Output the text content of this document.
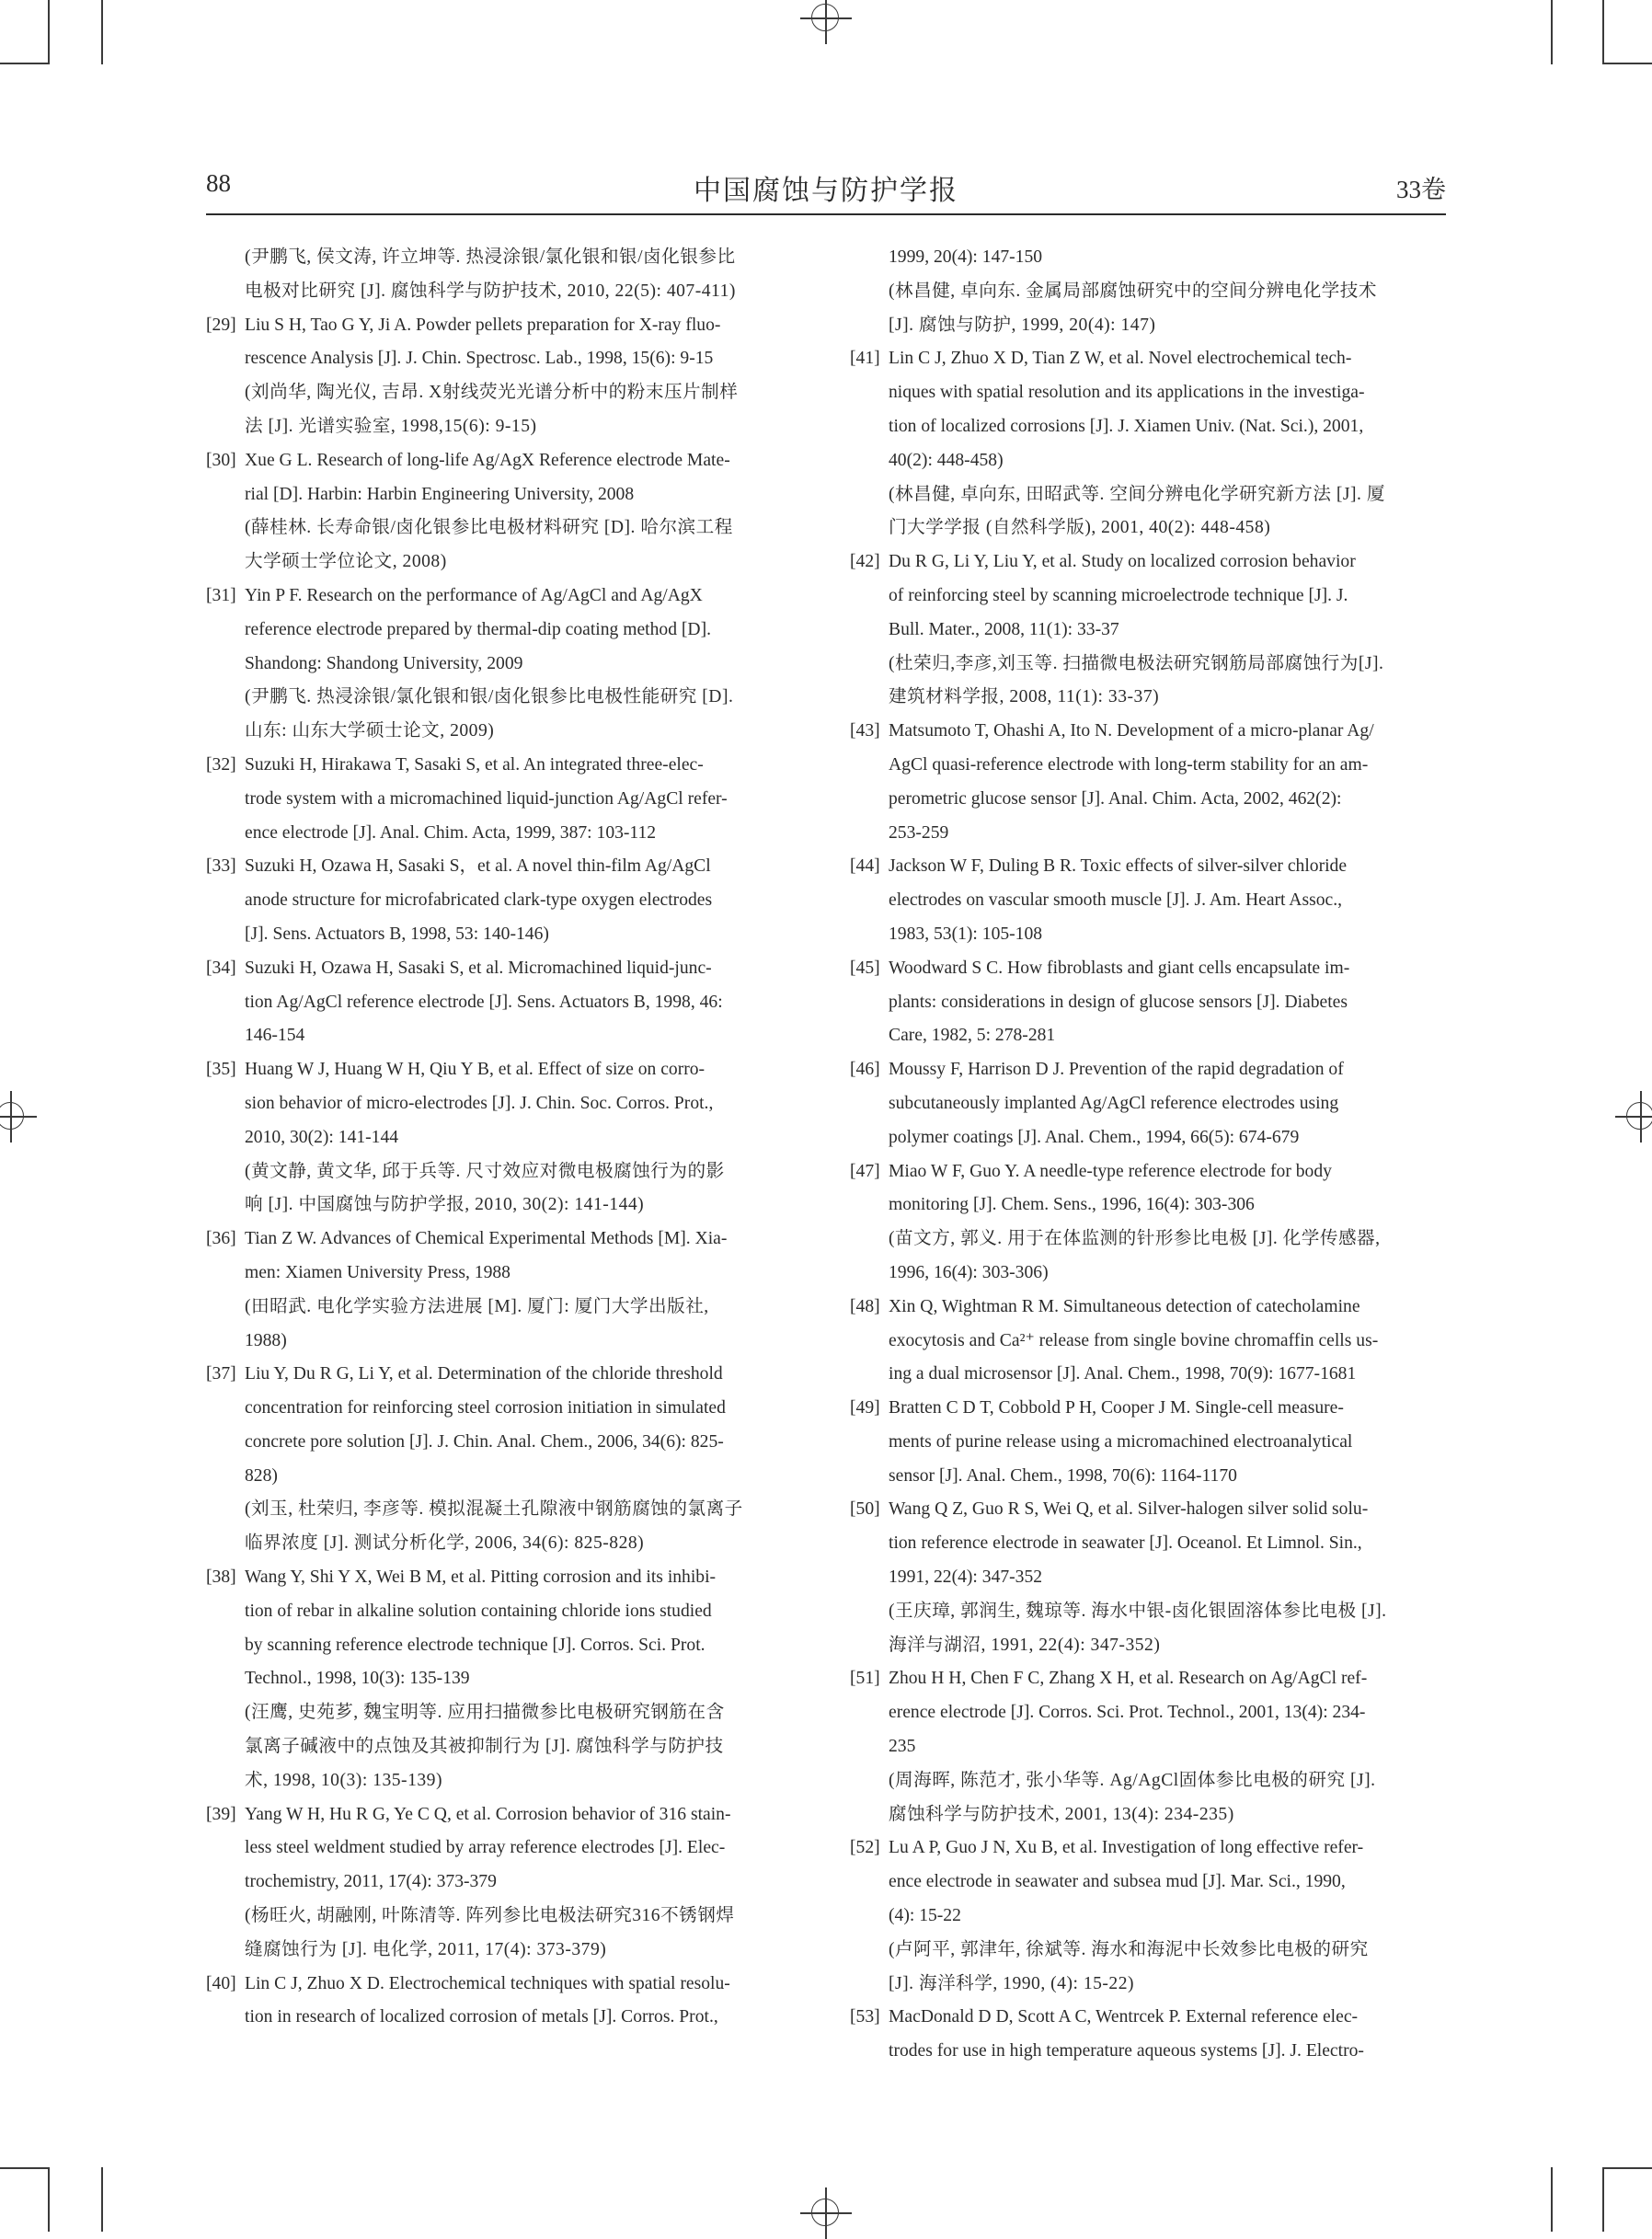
88	中国腐蚀与防护学报	33卷

(尹鹏飞, 侯文涛, 许立坤等. 热浸涂银/氯化银和银/卤化银参比

电极对比研究 [J]. 腐蚀科学与防护技术, 2010, 22(5): 407-411)

[29] Liu S H, Tao G Y, Ji A. Powder pellets preparation for X-ray fluo-

rescence Analysis [J]. J. Chin. Spectrosc. Lab., 1998, 15(6): 9-15

(刘尚华, 陶光仪, 吉昂. X射线荧光光谱分析中的粉末压片制样

法 [J]. 光谱实验室, 1998,15(6): 9-15)

[30] Xue G L. Research of long-life Ag/AgX Reference electrode Mate-

rial [D]. Harbin: Harbin Engineering University, 2008

(薛桂林. 长寿命银/卤化银参比电极材料研究 [D]. 哈尔滨工程

大学硕士学位论文, 2008)

[31] Yin P F. Research on the performance of Ag/AgCl and Ag/AgX

reference electrode prepared by thermal-dip coating method [D].

Shandong: Shandong University, 2009

(尹鹏飞. 热浸涂银/氯化银和银/卤化银参比电极性能研究 [D].

山东: 山东大学硕士论文, 2009)

[32] Suzuki H, Hirakawa T, Sasaki S, et al. An integrated three-elec-

trode system with a micromachined liquid-junction Ag/AgCl refer-

ence electrode [J]. Anal. Chim. Acta, 1999, 387: 103-112

[33] Suzuki H, Ozawa H, Sasaki S，et al. A novel thin-film Ag/AgCl

anode structure for microfabricated clark-type oxygen electrodes

[J]. Sens. Actuators B, 1998, 53: 140-146)

[34] Suzuki H, Ozawa H, Sasaki S, et al. Micromachined liquid-junc-

tion Ag/AgCl reference electrode [J]. Sens. Actuators B, 1998, 46:

146-154

[35] Huang W J, Huang W H, Qiu Y B, et al. Effect of size on corro-

sion behavior of micro-electrodes [J]. J. Chin. Soc. Corros. Prot.,

2010, 30(2): 141-144

(黄文静, 黄文华, 邱于兵等. 尺寸效应对微电极腐蚀行为的影

响 [J]. 中国腐蚀与防护学报, 2010, 30(2): 141-144)

[36] Tian Z W. Advances of Chemical Experimental Methods [M]. Xia-

men: Xiamen University Press, 1988

(田昭武. 电化学实验方法进展 [M]. 厦门: 厦门大学出版社,

1988)

[37] Liu Y, Du R G, Li Y, et al. Determination of the chloride threshold

concentration for reinforcing steel corrosion initiation in simulated

concrete pore solution [J]. J. Chin. Anal. Chem., 2006, 34(6): 825-

828)

(刘玉, 杜荣归, 李彦等. 模拟混凝土孔隙液中钢筋腐蚀的氯离子

临界浓度 [J]. 测试分析化学, 2006, 34(6): 825-828)

[38] Wang Y, Shi Y X, Wei B M, et al. Pitting corrosion and its inhibi-

tion of rebar in alkaline solution containing chloride ions studied

by scanning reference electrode technique [J]. Corros. Sci. Prot.

Technol., 1998, 10(3): 135-139

(汪鹰, 史苑芗, 魏宝明等. 应用扫描微参比电极研究钢筋在含

氯离子碱液中的点蚀及其被抑制行为 [J]. 腐蚀科学与防护技

术, 1998, 10(3): 135-139)

[39] Yang W H, Hu R G, Ye C Q, et al. Corrosion behavior of 316 stain-

less steel weldment studied by array reference electrodes [J]. Elec-

trochemistry, 2011, 17(4): 373-379

(杨旺火, 胡融刚, 叶陈清等. 阵列参比电极法研究316不锈钢焊

缝腐蚀行为 [J]. 电化学, 2011, 17(4): 373-379)

[40] Lin C J, Zhuo X D. Electrochemical techniques with spatial resolu-

tion in research of localized corrosion of metals [J]. Corros. Prot.,

1999, 20(4): 147-150

(林昌健, 卓向东. 金属局部腐蚀研究中的空间分辨电化学技术

[J]. 腐蚀与防护, 1999, 20(4): 147)

[41] Lin C J, Zhuo X D, Tian Z W, et al. Novel electrochemical tech-

niques with spatial resolution and its applications in the investiga-

tion of localized corrosions [J]. J. Xiamen Univ. (Nat. Sci.), 2001,

40(2): 448-458)

(林昌健, 卓向东, 田昭武等. 空间分辨电化学研究新方法 [J]. 厦

门大学学报 (自然科学版), 2001, 40(2): 448-458)

[42] Du R G, Li Y, Liu Y, et al. Study on localized corrosion behavior

of reinforcing steel by scanning microelectrode technique [J]. J.

Bull. Mater., 2008, 11(1): 33-37

(杜荣归,李彦,刘玉等. 扫描微电极法研究钢筋局部腐蚀行为[J].

建筑材料学报, 2008, 11(1): 33-37)

[43] Matsumoto T, Ohashi A, Ito N. Development of a micro-planar Ag/

AgCl quasi-reference electrode with long-term stability for an am-

perometric glucose sensor [J]. Anal. Chim. Acta, 2002, 462(2):

253-259

[44] Jackson W F, Duling B R. Toxic effects of silver-silver chloride

electrodes on vascular smooth muscle [J]. J. Am. Heart Assoc.,

1983, 53(1): 105-108

[45] Woodward S C. How fibroblasts and giant cells encapsulate im-

plants: considerations in design of glucose sensors [J]. Diabetes

Care, 1982, 5: 278-281

[46] Moussy F, Harrison D J. Prevention of the rapid degradation of

subcutaneously implanted Ag/AgCl reference electrodes using

polymer coatings [J]. Anal. Chem., 1994, 66(5): 674-679

[47] Miao W F, Guo Y. A needle-type reference electrode for body

monitoring [J]. Chem. Sens., 1996, 16(4): 303-306

(苗文方, 郭义. 用于在体监测的针形参比电极 [J]. 化学传感器,

1996, 16(4): 303-306)

[48] Xin Q, Wightman R M. Simultaneous detection of catecholamine

exocytosis and Ca²⁺ release from single bovine chromaffin cells us-

ing a dual microsensor [J]. Anal. Chem., 1998, 70(9): 1677-1681

[49] Bratten C D T, Cobbold P H, Cooper J M. Single-cell measure-

ments of purine release using a micromachined electroanalytical

sensor [J]. Anal. Chem., 1998, 70(6): 1164-1170

[50] Wang Q Z, Guo R S, Wei Q, et al. Silver-halogen silver solid solu-

tion reference electrode in seawater [J]. Oceanol. Et Limnol. Sin.,

1991, 22(4): 347-352

(王庆璋, 郭润生, 魏琼等. 海水中银-卤化银固溶体参比电极 [J].

海洋与湖沼, 1991, 22(4): 347-352)

[51] Zhou H H, Chen F C, Zhang X H, et al. Research on Ag/AgCl ref-

erence electrode [J]. Corros. Sci. Prot. Technol., 2001, 13(4): 234-

235

(周海晖, 陈范才, 张小华等. Ag/AgCl固体参比电极的研究 [J].

腐蚀科学与防护技术, 2001, 13(4): 234-235)

[52] Lu A P, Guo J N, Xu B, et al. Investigation of long effective refer-

ence electrode in seawater and subsea mud [J]. Mar. Sci., 1990,

(4): 15-22

(卢阿平, 郭津年, 徐斌等. 海水和海泥中长效参比电极的研究

[J]. 海洋科学, 1990, (4): 15-22)

[53] MacDonald D D, Scott A C, Wentrcek P. External reference elec-

trodes for use in high temperature aqueous systems [J]. J. Electro-
